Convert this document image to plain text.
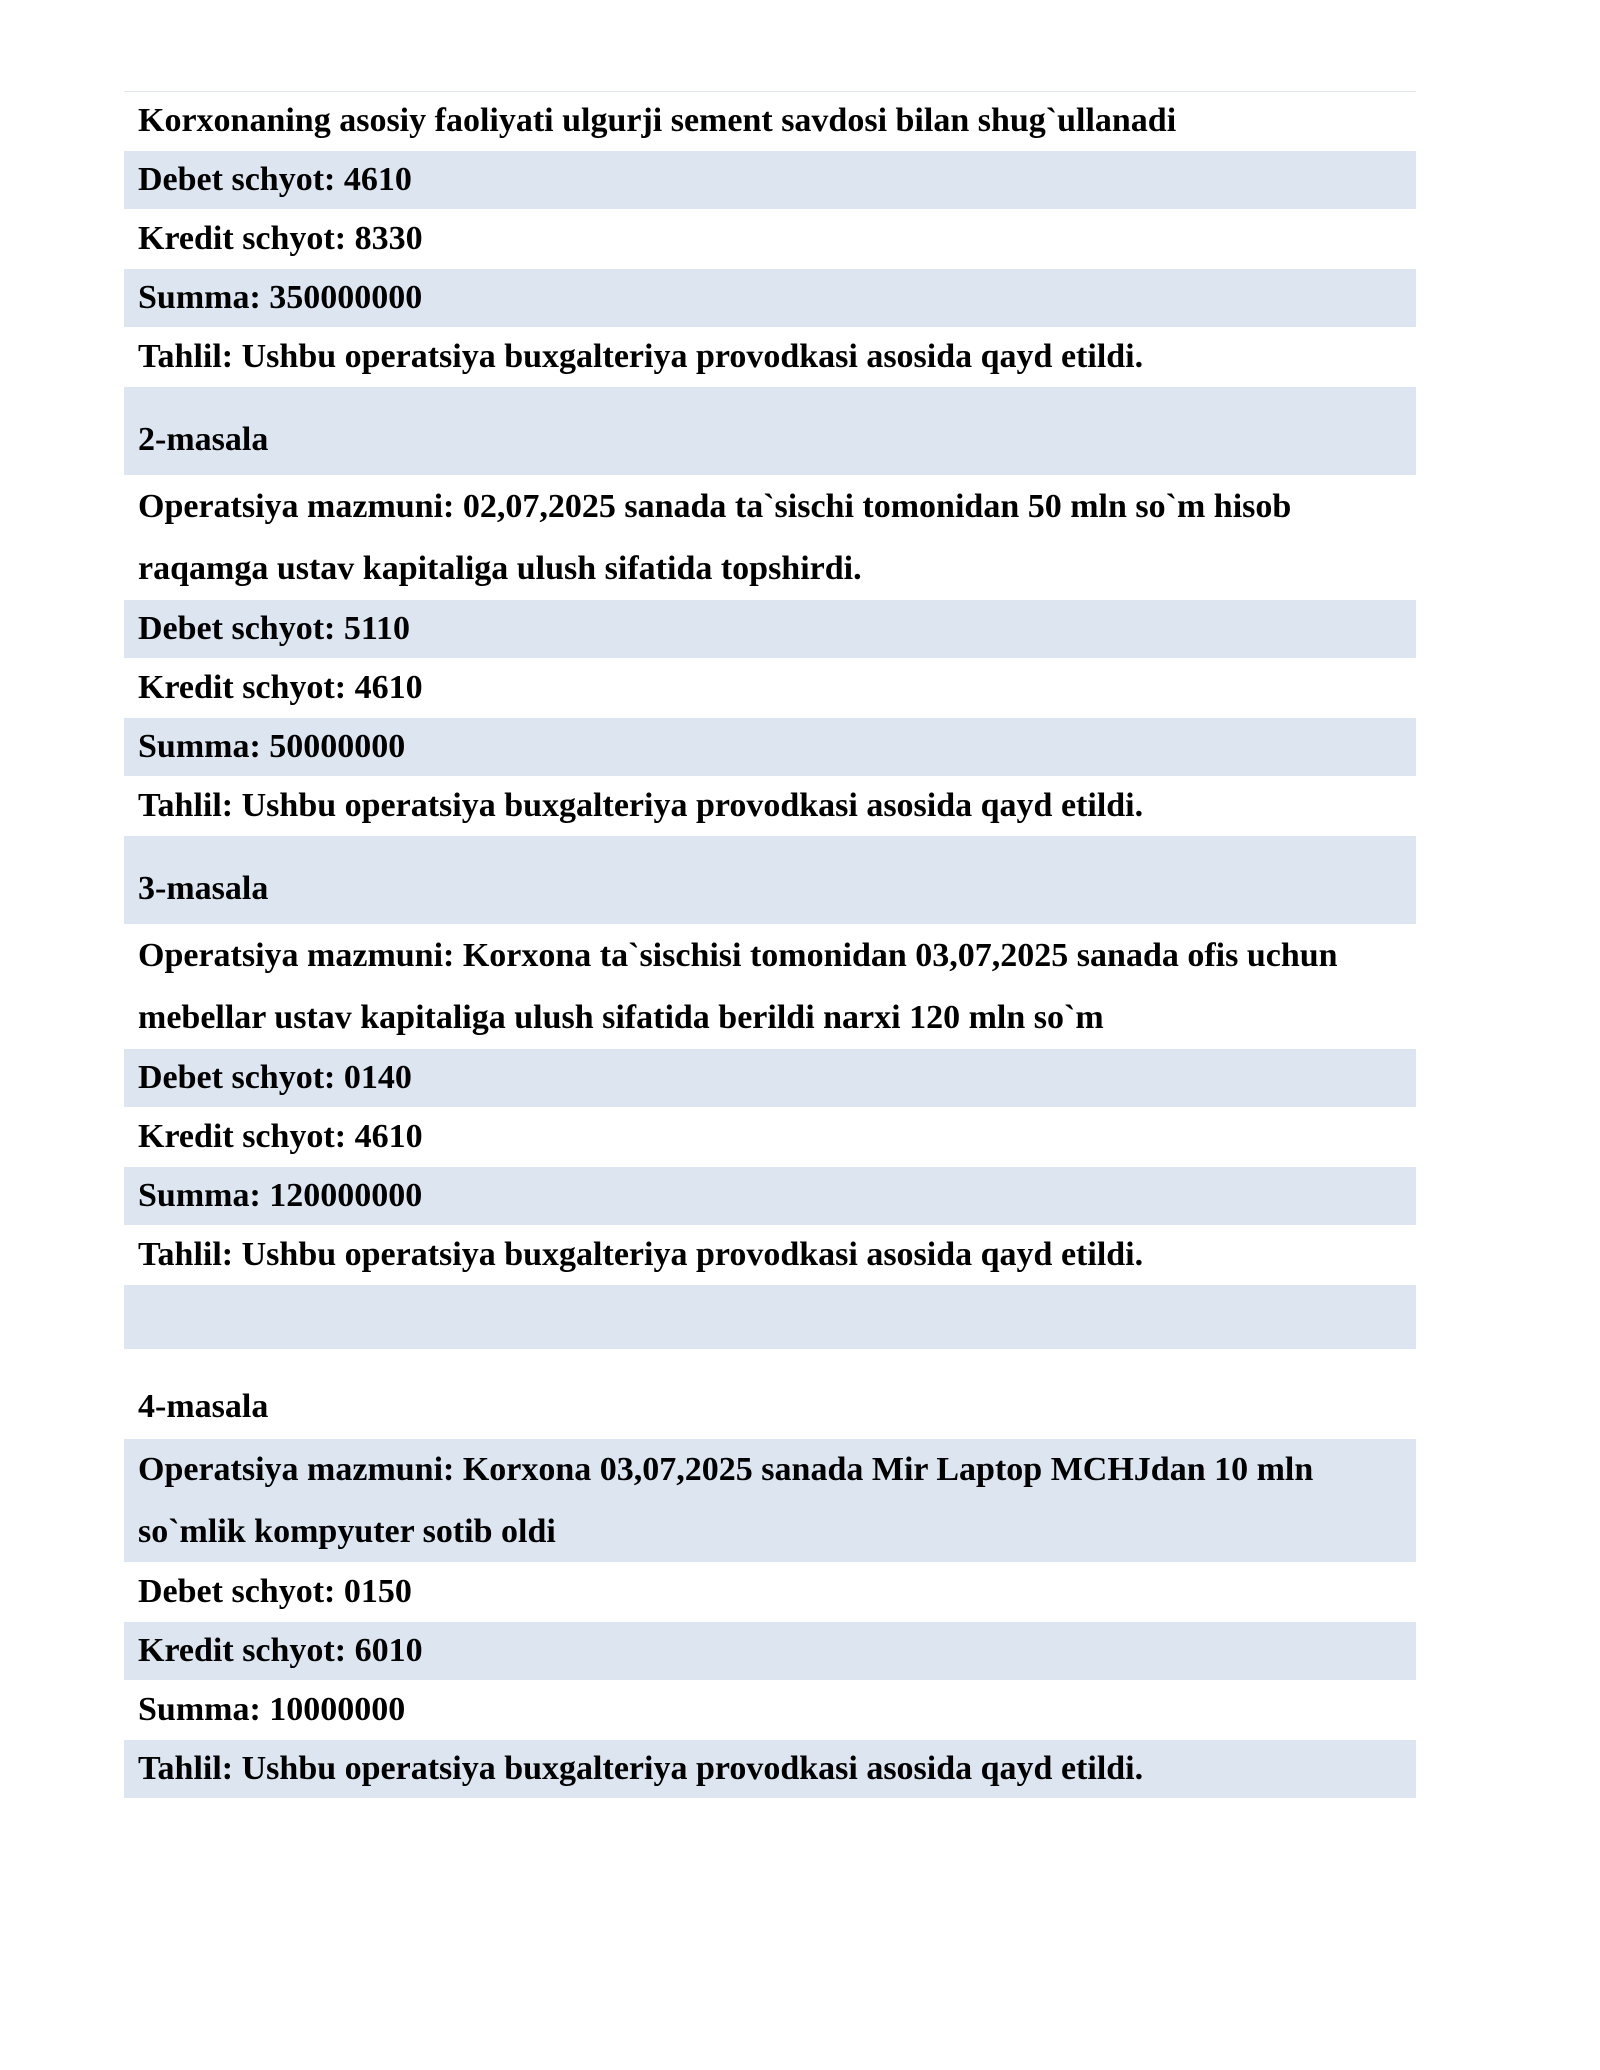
Korxonaning asosiy faoliyati ulgurji sement savdosi bilan shug`ullanadi
Debet schyot: 4610
Kredit schyot: 8330
Summa: 350000000
Tahlil: Ushbu operatsiya buxgalteriya provodkasi asosida qayd etildi.
2-masala
Operatsiya mazmuni: 02,07,2025 sanada ta`sischi tomonidan 50 mln so`m hisob raqamga ustav kapitaliga ulush sifatida topshirdi.
Debet schyot: 5110
Kredit schyot: 4610
Summa: 50000000
Tahlil: Ushbu operatsiya buxgalteriya provodkasi asosida qayd etildi.
3-masala
Operatsiya mazmuni: Korxona ta`sischisi tomonidan 03,07,2025 sanada ofis uchun mebellar ustav kapitaliga ulush sifatida berildi narxi 120 mln so`m
Debet schyot: 0140
Kredit schyot: 4610
Summa: 120000000
Tahlil: Ushbu operatsiya buxgalteriya provodkasi asosida qayd etildi.
4-masala
Operatsiya mazmuni: Korxona 03,07,2025 sanada Mir Laptop MCHJdan 10 mln so`mlik kompyuter sotib oldi
Debet schyot: 0150
Kredit schyot: 6010
Summa: 10000000
Tahlil: Ushbu operatsiya buxgalteriya provodkasi asosida qayd etildi.
